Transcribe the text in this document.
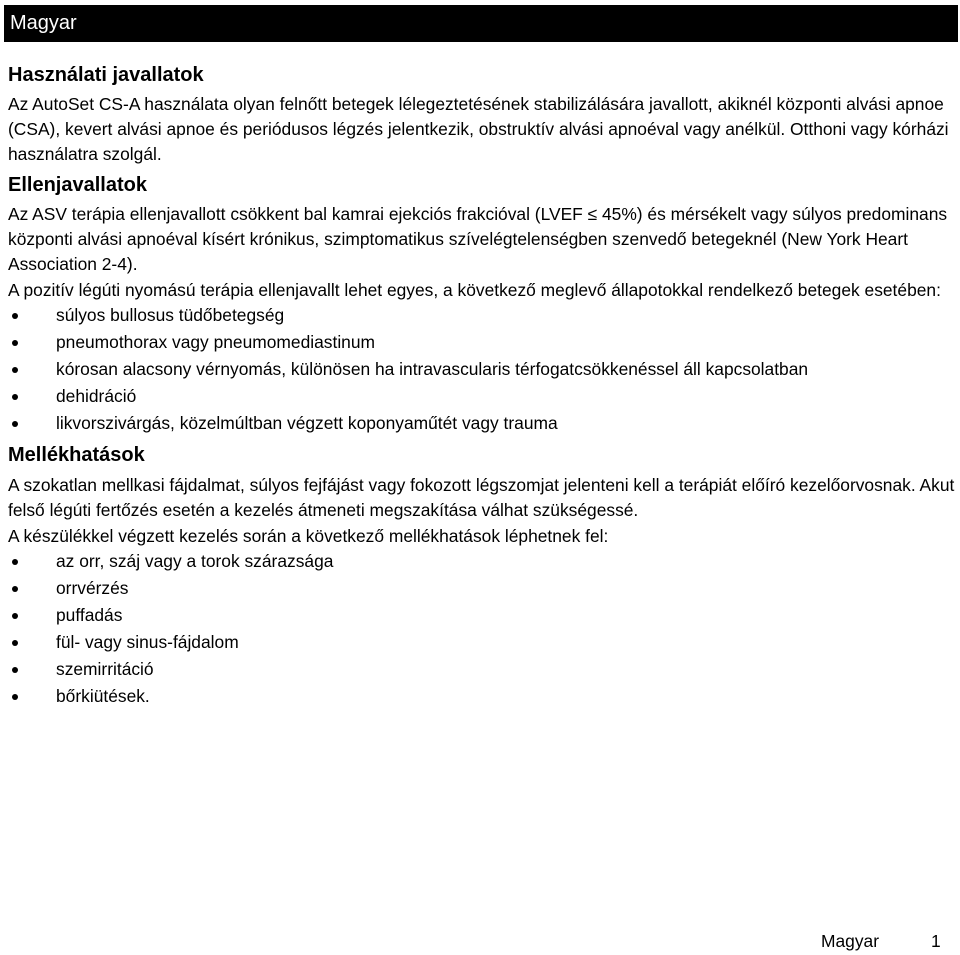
Magyar
Használati javallatok

Az AutoSet CS-A használata olyan felnőtt betegek lélegeztetésének stabilizálására javallott, akiknél központi alvási apnoe (CSA), kevert alvási apnoe és periódusos légzés jelentkezik, obstruktív alvási apnoéval vagy anélkül. Otthoni vagy kórházi használatra szolgál.

Ellenjavallatok

Az ASV terápia ellenjavallott csökkent bal kamrai ejekciós frakcióval (LVEF ≤ 45%) és mérsékelt vagy súlyos predominans központi alvási apnoéval kísért krónikus, szimptomatikus szívelégtelenségben szenvedő betegeknél (New York Heart Association 2-4).

A pozitív légúti nyomású terápia ellenjavallt lehet egyes, a következő meglevő állapotokkal rendelkező betegek esetében:

súlyos bullosus tüdőbetegség
pneumothorax vagy pneumomediastinum
kórosan alacsony vérnyomás, különösen ha intravascularis térfogatcsökkenéssel áll kapcsolatban
dehidráció
likvorszivárgás, közelmúltban végzett koponyaműtét vagy trauma
Mellékhatások

A szokatlan mellkasi fájdalmat, súlyos fejfájást vagy fokozott légszomjat jelenteni kell a terápiát előíró kezelőorvosnak. Akut felső légúti fertőzés esetén a kezelés átmeneti megszakítása válhat szükségessé.

A készülékkel végzett kezelés során a következő mellékhatások léphetnek fel:

az orr, száj vagy a torok szárazsága
orrvérzés
puffadás
fül- vagy sinus-fájdalom
szemirritáció
bőrkiütések.
Magyar	1
